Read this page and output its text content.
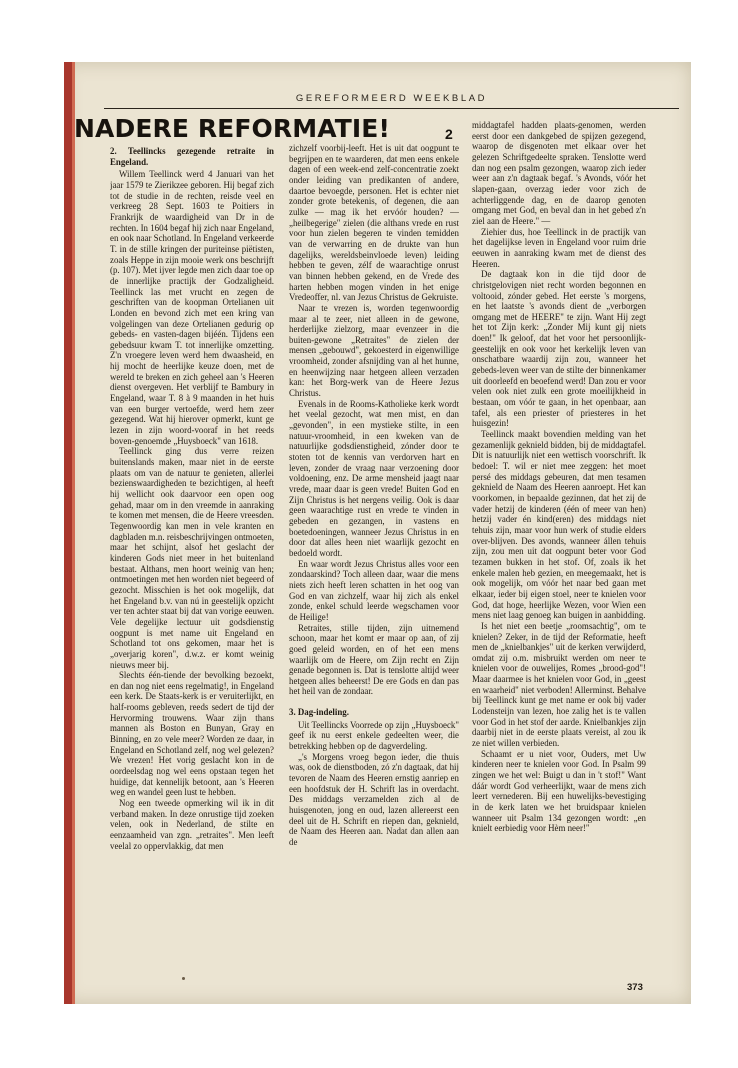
GEREFORMEERD WEEKBLAD
NADERE REFORMATIE!	2
2. Teellincks gezegende retraite in Engeland.

Willem Teellinck werd 4 Januari van het jaar 1579 te Zierikzee geboren. Hij begaf zich tot de studie in de rechten, reisde veel en verkreeg 28 Sept. 1603 te Poitiers in Frankrijk de waardigheid van Dr in de rechten. In 1604 begaf hij zich naar Engeland, en ook naar Schotland. In Engeland verkeerde T. in de stille kringen der puriteinse piëtisten, zoals Heppe in zijn mooie werk ons beschrijft (p. 107). Met ijver legde men zich daar toe op de innerlijke practijk der Godzaligheid. Teellinck las met vrucht en zegen de geschriften van de koopman Ortelianen uit Londen en bevond zich met een kring van volgelingen van deze Ortelianen gedurig op gebeds- en vasten-dagen bijéén. Tijdens een gebedsuur kwam T. tot innerlijke omzetting. Z'n vroegere leven werd hem dwaasheid, en hij mocht de heerlijke keuze doen, met de wereld te breken en zich geheel aan 's Heeren dienst overgeven. Het verblijf te Bambury in Engeland, waar T. 8 à 9 maanden in het huis van een burger vertoefde, werd hem zeer gezegend. Wat hij hierover opmerkt, kunt ge lezen in zijn woord-vooraf in het reeds boven-genoemde „Huysboeck" van 1618.

Teellinck ging dus verre reizen buitenslands maken, maar niet in de eerste plaats om van de natuur te genieten, allerlei bezienswaardigheden te bezichtigen, al heeft hij wellicht ook daarvoor een open oog gehad, maar om in den vreemde in aanraking te komen met mensen, die de Heere vreesden. Tegenwoordig kan men in vele kranten en dagbladen m.n. reisbeschrijvingen ontmoeten, maar het schijnt, alsof het geslacht der kinderen Gods niet meer in het buitenland bestaat. Althans, men hoort weinig van hen; ontmoetingen met hen worden niet begeerd of gezocht. Misschien is het ook mogelijk, dat het Engeland b.v. van nú in geestelijk opzicht ver ten achter staat bij dat van vorige eeuwen. Vele degelijke lectuur uit godsdienstig oogpunt is met name uit Engeland en Schotland tot ons gekomen, maar het is „overjarig koren", d.w.z. er komt weinig nieuws meer bij.

Slechts één-tiende der bevolking bezoekt, en dan nog niet eens regelmatig!, in Engeland een kerk. De Staats-kerk is er veruiterlijkt, en half-rooms gebleven, reeds sedert de tijd der Hervorming trouwens. Waar zijn thans mannen als Boston en Bunyan, Gray en Binning, en zo vele meer? Worden ze daar, in Engeland en Schotland zelf, nog wel gelezen? We vrezen! Het vorig geslacht kon in de oordeelsdag nog wel eens opstaan tegen het huidige, dat kennelijk betoont, aan 's Heeren weg en wandel geen lust te hebben.

Nog een tweede opmerking wil ik in dit verband maken. In deze onrustige tijd zoeken velen, ook in Nederland, de stilte en eenzaamheid van zgn. „retraites". Men leeft veelal zo oppervlakkig, dat men

zichzelf voorbij-leeft. Het is uit dat oogpunt te begrijpen en te waarderen, dat men eens enkele dagen of een week-end zelf-concentratie zoekt onder leiding van predikanten of andere, daartoe bevoegde, personen. Het is echter niet zonder grote betekenis, of degenen, die aan zulke — mag ik het ervóór houden? — „heilbegerige" zielen (die althans vrede en rust voor hun zielen begeren te vinden temidden van de verwarring en de drukte van hun dagelijks, wereldsbeinvloede leven) leiding hebben te geven, zélf de waarachtige onrust van binnen hebben gekend, en de Vrede des harten hebben mogen vinden in het enige Vredeoffer, nl. van Jezus Christus de Gekruiste.

Naar te vrezen is, worden tegenwoordig maar al te zeer, niet alleen in de gewone, herderlijke zielzorg, maar evenzeer in die buiten-gewone „Retraites" de zielen der mensen „gebouwd", gekoesterd in eigenwillige vroomheid, zonder afsnijding van al het hunne, en heenwijzing naar hetgeen alleen verzaden kan: het Borg-werk van de Heere Jezus Christus.

Evenals in de Rooms-Katholieke kerk wordt het veelal gezocht, wat men mist, en dan „gevonden", in een mystieke stilte, in een natuur-vroomheid, in een kweken van de natuurlijke godsdienstigheid, zónder door te stoten tot de kennis van verdorven hart en leven, zonder de vraag naar verzoening door voldoening, enz. De arme mensheid jaagt naar vrede, maar daar is geen vrede! Buiten God en Zijn Christus is het nergens veilig. Ook is daar geen waarachtige rust en vrede te vinden in gebeden en gezangen, in vastens en boetedoeningen, wanneer Jezus Christus in en door dat alles heen niet waarlijk gezocht en bedoeld wordt.

En waar wordt Jezus Christus alles voor een zondaarskind? Toch alleen daar, waar die mens niets zich heeft leren schatten in het oog van God en van zichzelf, waar hij zich als enkel zonde, enkel schuld leerde wegschamen voor de Heilige!

Retraites, stille tijden, zijn uitnemend schoon, maar het komt er maar op aan, of zij goed geleid worden, en of het een mens waarlijk om de Heere, om Zijn recht en Zijn genade begonnen is. Dat is tenslotte altijd weer hetgeen alles beheerst! De ere Gods en dan pas het heil van de zondaar.

3. Dag-indeling.

Uit Teellincks Voorrede op zijn „Huysboeck" geef ik nu eerst enkele gedeelten weer, die betrekking hebben op de dagverdeling.

„'s Morgens vroeg begon ieder, die thuis was, ook de dienstboden, zó z'n dagtaak, dat hij tevoren de Naam des Heeren ernstig aanriep en een hoofdstuk der H. Schrift las in overdacht. Des middags verzamelden zich al de huisgenoten, jong en oud, lazen allereerst een deel uit de H. Schrift en riepen dan, geknield, de Naam des Heeren aan. Nadat dan allen aan de

middagtafel hadden plaats-genomen, werden eerst door een dankgebed de spijzen gezegend, waarop de disgenoten met elkaar over het gelezen Schriftgedeelte spraken. Tenslotte werd dan nog een psalm gezongen, waarop zich ieder weer aan z'n dagtaak begaf. 's Avonds, vóór het slapen-gaan, overzag ieder voor zich de achterliggende dag, en de daarop genoten omgang met God, en beval dan in het gebed z'n ziel aan de Heere." —

Ziehier dus, hoe Teellinck in de practijk van het dagelijkse leven in Engeland voor ruim drie eeuwen in aanraking kwam met de dienst des Heeren.

De dagtaak kon in die tijd door de christgelovigen niet recht worden begonnen en voltooid, zónder gebed. Het eerste 's morgens, en het laatste 's avonds dient de „verborgen omgang met de HEERE" te zijn. Want Hij zegt het tot Zijn kerk: „Zonder Mij kunt gij niets doen!" Ik geloof, dat het voor het persoonlijk-geestelijk en ook voor het kerkelijk leven van onschatbare waardij zijn zou, wanneer het gebeds-leven weer van de stilte der binnenkamer uit doorleefd en beoefend werd! Dan zou er voor velen ook niet zulk een grote moeilijkheid in bestaan, om vóór te gaan, in het openbaar, aan tafel, als een priester of priesteres in het huisgezin!

Teellinck maakt bovendien melding van het gezamenlijk geknield bidden, bij de middagtafel. Dit is natuurlijk niet een wettisch voorschrift. Ik bedoel: T. wil er niet mee zeggen: het moet persé des middags gebeuren, dat men tesamen geknield de Naam des Heeren aanroept. Het kan voorkomen, in bepaalde gezinnen, dat het zij de vader hetzij de kinderen (één of meer van hen) hetzij vader én kind(eren) des middags niet tehuis zijn, maar voor hun werk of studie elders over-blijven. Des avonds, wanneer állen tehuis zijn, zou men uit dat oogpunt beter voor God tezamen bukken in het stof. Of, zoals ik het enkele malen heb gezien, en meegemaakt, het is ook mogelijk, om vóór het naar bed gaan met elkaar, ieder bij eigen stoel, neer te knielen voor God, dat hoge, heerlijke Wezen, voor Wien een mens niet laag genoeg kan buigen in aanbidding.

Is het niet een beetje „roomsachtig", om te knielen? Zeker, in de tijd der Reformatie, heeft men de „knielbankjes" uit de kerken verwijderd, omdat zij o.m. misbruikt werden om neer te knielen voor de ouwelijes, Romes „brood-god"! Maar daarmee is het knielen voor God, in „geest en waarheid" niet verboden! Allerminst. Behalve bij Teellinck kunt ge met name er ook bij vader Lodensteijn van lezen, hoe zalig het is te vallen voor God in het stof der aarde. Knielbankjes zijn daarbij niet in de eerste plaats vereist, al zou ik ze niet willen verbieden.

Schaamt er u niet voor, Ouders, met Uw kinderen neer te knielen voor God. In Psalm 99 zingen we het wel: Buigt u dan in 't stof!" Want dáár wordt God verheerlijkt, waar de mens zich leert vernederen. Bij een huwelijks-bevestiging in de kerk laten we het bruidspaar knielen wanneer uit Psalm 134 gezongen wordt: „en knielt eerbiedig voor Hèm neer!"

373
